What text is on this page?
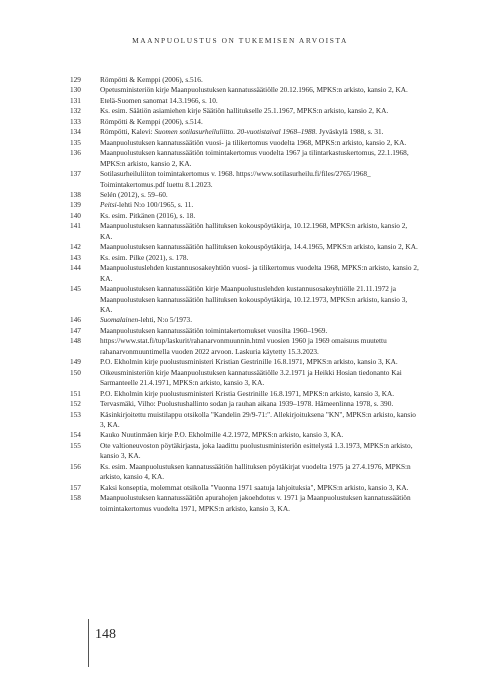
MAANPUOLUSTUS ON TUKEMISEN ARVOISTA
129	Römpötti & Kemppi (2006), s.516.
130	Opetusministeriön kirje Maanpuolustuksen kannatussäätiölle 20.12.1966, MPKS:n arkisto, kansio 2, KA.
131	Etelä-Suomen sanomat 14.3.1966, s. 10.
132	Ks. esim. Säätiön asiamiehen kirje Säätiön hallitukselle 25.1.1967, MPKS:n arkisto, kansio 2, KA.
133	Römpötti & Kemppi (2006), s.514.
134	Römpötti, Kalevi: Suomen sotilasurheiluliitto. 20-vuotistaival 1968–1988. Jyväskylä 1988, s. 31.
135	Maanpuolustuksen kannatussäätiön vuosi- ja tilikertomus vuodelta 1968, MPKS:n arkisto, kansio 2, KA.
136	Maanpuolustuksen kannatussäätiön toimintakertomus vuodelta 1967 ja tilintarkastuskertomus, 22.1.1968, MPKS:n arkisto, kansio 2, KA.
137	Sotilasurheiluliiton toimintakertomus v. 1968. https://www.sotilasurheilu.fi/files/2765/1968_ Toimintakertomus.pdf luettu 8.1.2023.
138	Selén (2012), s. 59–60.
139	Peitsi-lehti N:o 100/1965, s. 11.
140	Ks. esim. Pitkänen (2016), s. 18.
141	Maanpuolustuksen kannatussäätiön hallituksen kokouspöytäkirja, 10.12.1968, MPKS:n arkisto, kansio 2, KA.
142	Maanpuolustuksen kannatussäätiön hallituksen kokouspöytäkirja, 14.4.1965, MPKS:n arkisto, kansio 2, KA.
143	Ks. esim. Pilke (2021), s. 178.
144	Maanpuolustuslehden kustannusosakeyhtiön vuosi- ja tilikertomus vuodelta 1968, MPKS:n arkisto, kansio 2, KA.
145	Maanpuolustuksen kannatussäätiön kirje Maanpuolustuslehden kustannusosakeyhtiölle 21.11.1972 ja Maanpuolustuksen kannatussäätiön hallituksen kokouspöytäkirja, 10.12.1973, MPKS:n arkisto, kansio 3, KA.
146	Suomalainen-lehti, N:o 5/1973.
147	Maanpuolustuksen kannatussäätiön toimintakertomukset vuosilta 1960–1969.
148	https://www.stat.fi/tup/laskurit/rahanarvonmuunnin.html vuosien 1960 ja 1969 omaisuus muutettu rahanarvonmuuntimella vuoden 2022 arvoon. Laskuria käytetty 15.3.2023.
149	P.O. Ekholmin kirje puolustusministeri Kristian Gestrinille 16.8.1971, MPKS:n arkisto, kansio 3, KA.
150	Oikeusministeriön kirje Maanpuolustuksen kannatussäätiölle 3.2.1971 ja Heikki Hosian tiedonanto Kai Sarmanteelle 21.4.1971, MPKS:n arkisto, kansio 3, KA.
151	P.O. Ekholmin kirje puolustusministeri Kristia Gestrinille 16.8.1971, MPKS:n arkisto, kansio 3, KA.
152	Tervasmäki, Vilho: Puolustushallinto sodan ja rauhan aikana 1939–1978. Hämeenlinna 1978, s. 390.
153	Käsinkirjoitettu muistilappu otsikolla "Kandelin 29/9-71:". Allekirjoituksena "KN", MPKS:n arkisto, kansio 3, KA.
154	Kauko Nuutinmäen kirje P.O. Ekholmille 4.2.1972, MPKS:n arkisto, kansio 3, KA.
155	Ote valtioneuvoston pöytäkirjasta, joka laadittu puolustusministeriön esittelystä 1.3.1973, MPKS:n arkisto, kansio 3, KA.
156	Ks. esim. Maanpuolustuksen kannatussäätiön hallituksen pöytäkirjat vuodelta 1975 ja 27.4.1976, MPKS:n arkisto, kansio 4, KA.
157	Kaksi konseptia, molemmat otsikolla "Vuonna 1971 saatuja lahjoituksia", MPKS:n arkisto, kansio 3, KA.
158	Maanpuolustuksen kannatussäätiön apurahojen jakoehdotus v. 1971 ja Maanpuolustuksen kannatussäätiön toimintakertomus vuodelta 1971, MPKS:n arkisto, kansio 3, KA.
148
